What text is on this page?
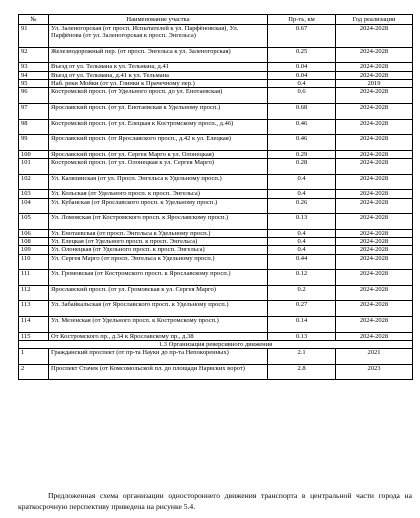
№	Наименование участка	Пр-ть, км	Год реализации
91	Ул. Заленогорская (от просп. Испытателей к ул. Парфёновская), Ул. Парфёнова (от ул. Заленогорская к просп. Энгельса)	0.67	2024-2028
92	Железнодорожный пер. (от просп. Энгельса к ул. Заленогорская)	0.25	2024-2028
93	Въезд от ул. Тельмана к ул. Тельмана, д.41	0.04	2024-2028
94	Въезд от ул. Тельмана, д.41 к ул. Тельмана	0.04	2024-2028
95	Наб. реки Мойки (от ул. Глинки к Прачечному пер.)	0.4	2019
96	Костромской просп. (от Удельного просп. до ул. Енотаевская)	0.6	2024-2028
97	Ярославский просп. (от ул. Енотаевская к Удельному просп.)	0.68	2024-2028
98	Костромской просп. (от ул. Елецкая к Костромскому просп., д.46)	0.46	2024-2028
99	Ярославский просп. (от Ярославского просп., д.42 к ул. Елецкая)	0.46	2024-2028
100	Ярославский просп. (от ул. Сергея Марго к ул. Олонецкая)	0.29	2024-2028
101	Костромской просп. (от ул. Олонецкая к ул. Сергея Марго)	0.28	2024-2028
102	Ул. Калязинская (от ул. Просп. Энгельса к Удельному просп.)	0.4	2024-2028
103	Ул. Кольская (от Удельного просп. к просп. Энгельса)	0.4	2024-2028
104	Ул. Кубанская (от Ярославского просп. к Удельному просп.)	0.26	2024-2028
105	Ул. Ломовская (от Костромского просп. к Ярославскому просп.)	0.13	2024-2028
106	Ул. Енотаевская (от просп. Энгельса к Удельному просп.)	0.4	2024-2028
108	Ул. Елецкая (от Удельного просп. к просп. Энгельса)	0.4	2024-2028
109	Ул. Олонецкая (от Удельного просп. к просп. Энгельса)	0.4	2024-2028
110	Ул. Сергея Марго (от просп. Энгельса к Удельному просп.)	0.44	2024-2028
111	Ул. Громовская (от Костромского просп. к Ярославскому просп.)	0.12	2024-2028
112	Ярославский просп. (от ул. Громовская к ул. Сергея Марго)	0.2	2024-2028
113	Ул. Забайкальская (от Ярославского просп. к Удельному просп.)	0.27	2024-2028
114	Ул. Мезенская (от Удельного просп. к Костромскому просп.)	0.14	2024-2028
115	От Костромского пр., д.34 к Ярославскому пр., д.38	0.13	2024-2028
1.3 Организация реверсивного движения			
1	Гражданский проспект (от пр-та Науки до пр-та Непокоренных)	2.1	2021
2	Проспект Стачек (от Комсомольской пл. до площади Нарвских ворот)	2.8	2023

Предложенная схема организации одностороннего движения транспорта в центральной части города на краткосрочную перспективу приведена на рисунке 5.4.
